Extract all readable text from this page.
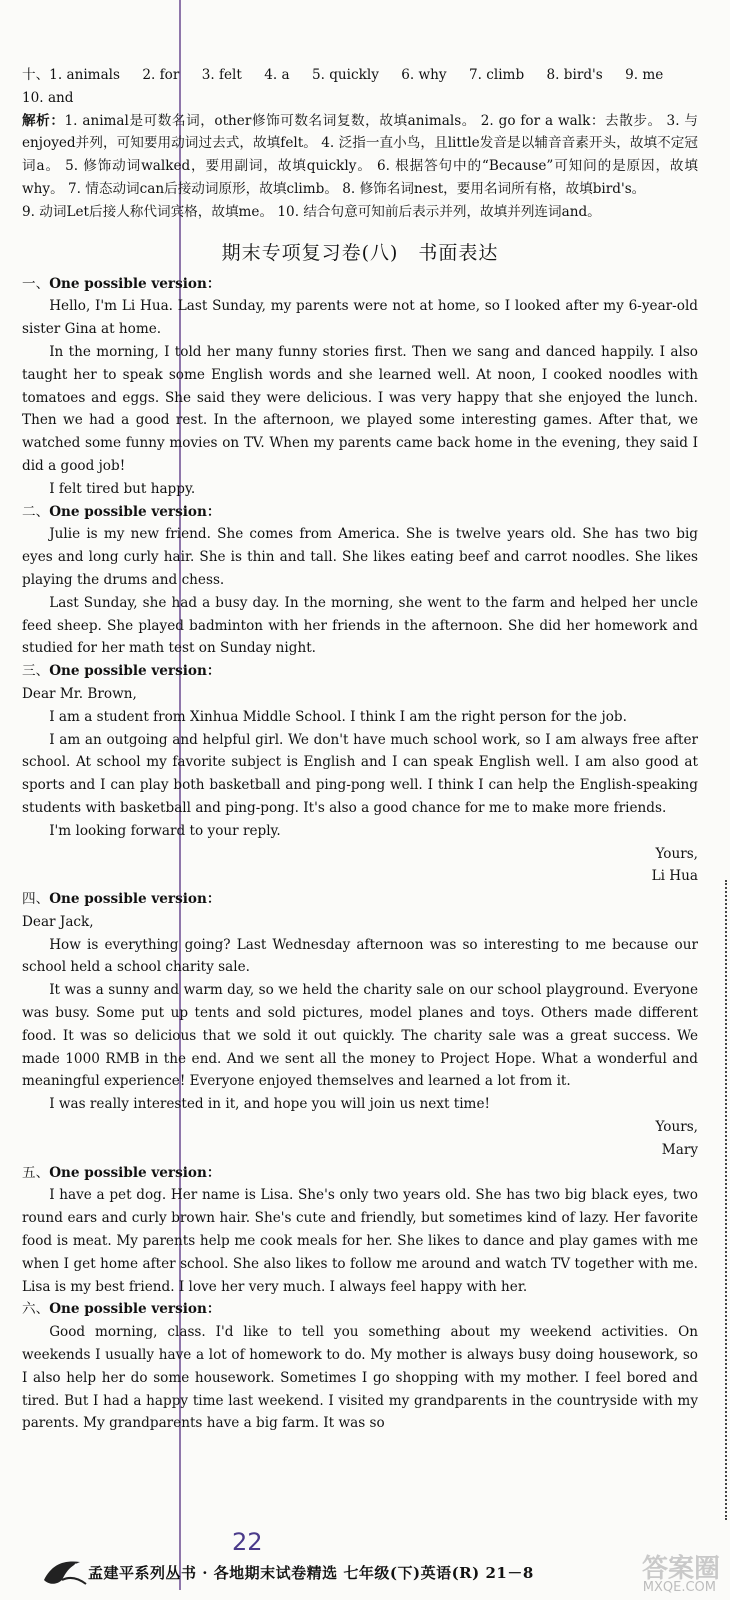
十、1. animals 2. for 3. felt 4. a 5. quickly 6. why 7. climb 8. bird's 9. me 10. and

解析：1. animal是可数名词，other修饰可数名词复数，故填animals。 2. go for a walk：去散步。 3. 与enjoyed并列，可知要用动词过去式，故填felt。 4. 泛指一直小鸟，且little发音是以辅音音素开头，故填不定冠词a。 5. 修饰动词walked，要用副词，故填quickly。 6. 根据答句中的“Because”可知问的是原因，故填why。 7. 情态动词can后接动词原形，故填climb。 8. 修饰名词nest，要用名词所有格，故填bird's。

9. 动词Let后接人称代词宾格，故填me。 10. 结合句意可知前后表示并列，故填并列连词and。

期末专项复习卷(八) 书面表达

一、One possible version：

Hello, I'm Li Hua. Last Sunday, my parents were not at home, so I looked after my 6-year-old sister Gina at home.

In the morning, I told her many funny stories first. Then we sang and danced happily. I also taught her to speak some English words and she learned well. At noon, I cooked noodles with tomatoes and eggs. She said they were delicious. I was very happy that she enjoyed the lunch. Then we had a good rest. In the afternoon, we played some interesting games. After that, we watched some funny movies on TV. When my parents came back home in the evening, they said I did a good job!

I felt tired but happy.

二、One possible version：

Julie is my new friend. She comes from America. She is twelve years old. She has two big eyes and long curly hair. She is thin and tall. She likes eating beef and carrot noodles. She likes playing the drums and chess.

Last Sunday, she had a busy day. In the morning, she went to the farm and helped her uncle feed sheep. She played badminton with her friends in the afternoon. She did her homework and studied for her math test on Sunday night.

三、One possible version：

Dear Mr. Brown,

I am a student from Xinhua Middle School. I think I am the right person for the job.

I am an outgoing and helpful girl. We don't have much school work, so I am always free after school. At school my favorite subject is English and I can speak English well. I am also good at sports and I can play both basketball and ping-pong well. I think I can help the English-speaking students with basketball and ping-pong. It's also a good chance for me to make more friends.

I'm looking forward to your reply.

Yours,

Li Hua

四、One possible version：

Dear Jack,

How is everything going? Last Wednesday afternoon was so interesting to me because our school held a school charity sale.

It was a sunny and warm day, so we held the charity sale on our school playground. Everyone was busy. Some put up tents and sold pictures, model planes and toys. Others made different food. It was so delicious that we sold it out quickly. The charity sale was a great success. We made 1000 RMB in the end. And we sent all the money to Project Hope. What a wonderful and meaningful experience! Everyone enjoyed themselves and learned a lot from it.

I was really interested in it, and hope you will join us next time!

Yours,

Mary

五、One possible version：

I have a pet dog. Her name is Lisa. She's only two years old. She has two big black eyes, two round ears and curly brown hair. She's cute and friendly, but sometimes kind of lazy. Her favorite food is meat. My parents help me cook meals for her. She likes to dance and play games with me when I get home after school. She also likes to follow me around and watch TV together with me. Lisa is my best friend. I love her very much. I always feel happy with her.

六、One possible version：

Good morning, class. I'd like to tell you something about my weekend activities. On weekends I usually have a lot of homework to do. My mother is always busy doing housework, so I also help her do some housework. Sometimes I go shopping with my mother. I feel bored and tired. But I had a happy time last weekend. I visited my grandparents in the countryside with my parents. My grandparents have a big farm. It was so

22
孟建平系列丛书 · 各地期末试卷精选 七年级(下)英语(R) 21－8	答案圈
MXQE.COM
